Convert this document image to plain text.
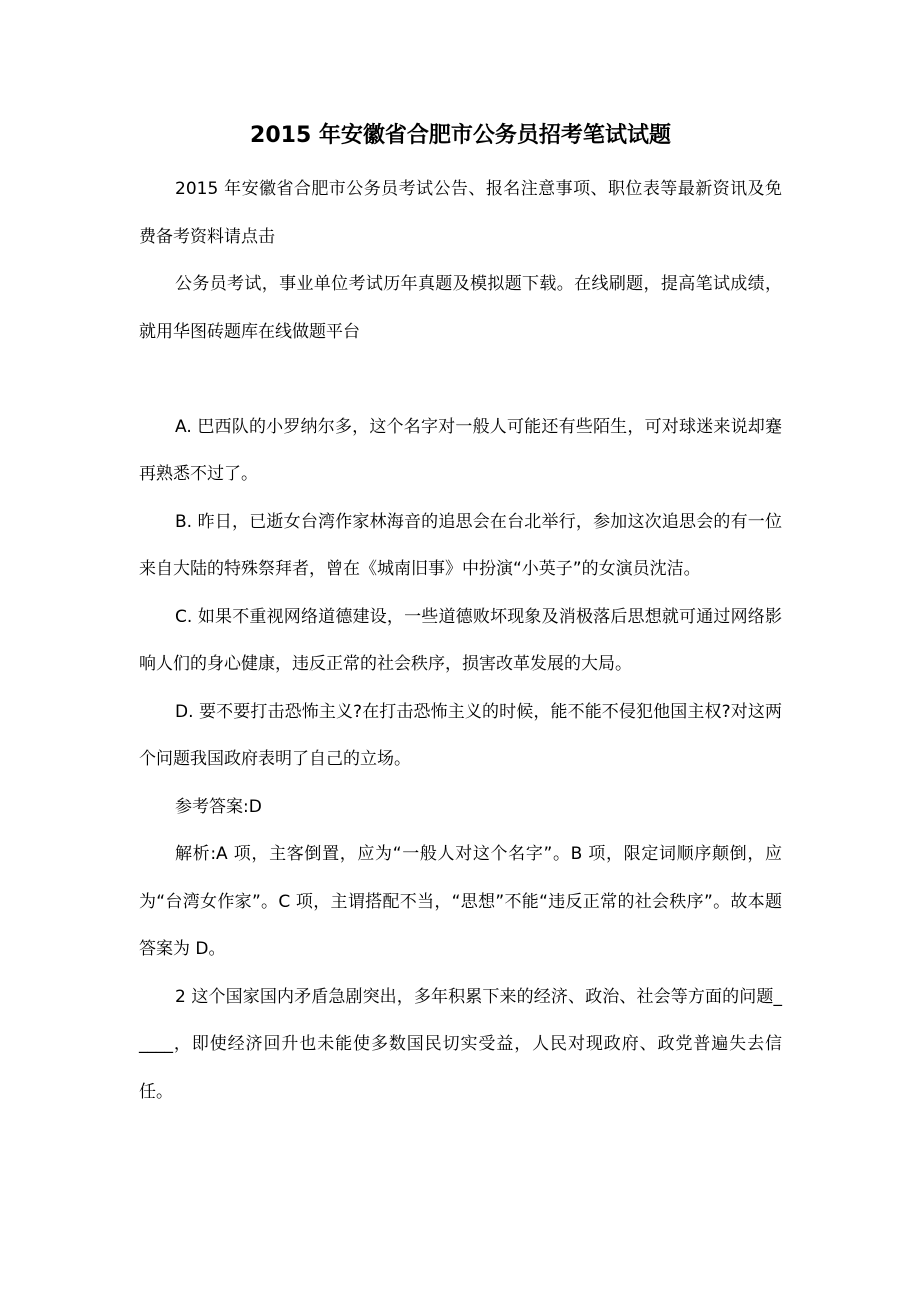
2015 年安徽省合肥市公务员招考笔试试题

2015 年安徽省合肥市公务员考试公告、报名注意事项、职位表等最新资讯及免费备考资料请点击

公务员考试，事业单位考试历年真题及模拟题下载。在线刷题，提高笔试成绩，就用华图砖题库在线做题平台

A. 巴西队的小罗纳尔多，这个名字对一般人可能还有些陌生，可对球迷来说却蹇再熟悉不过了。

B. 昨日，已逝女台湾作家林海音的追思会在台北举行，参加这次追思会的有一位来自大陆的特殊祭拜者，曾在《城南旧事》中扮演“小英子”的女演员沈洁。

C. 如果不重视网络道德建设，一些道德败坏现象及消极落后思想就可通过网络影响人们的身心健康，违反正常的社会秩序，损害改革发展的大局。

D. 要不要打击恐怖主义?在打击恐怖主义的时候，能不能不侵犯他国主权?对这两个问题我国政府表明了自己的立场。

参考答案:D

解析:A 项，主客倒置，应为“一般人对这个名字”。B 项，限定词顺序颠倒，应为“台湾女作家”。C 项，主谓搭配不当，“思想”不能“违反正常的社会秩序”。故本题答案为 D。

2 这个国家国内矛盾急剧突出，多年积累下来的经济、政治、社会等方面的问题_____，即使经济回升也未能使多数国民切实受益，人民对现政府、政党普遍失去信任。
